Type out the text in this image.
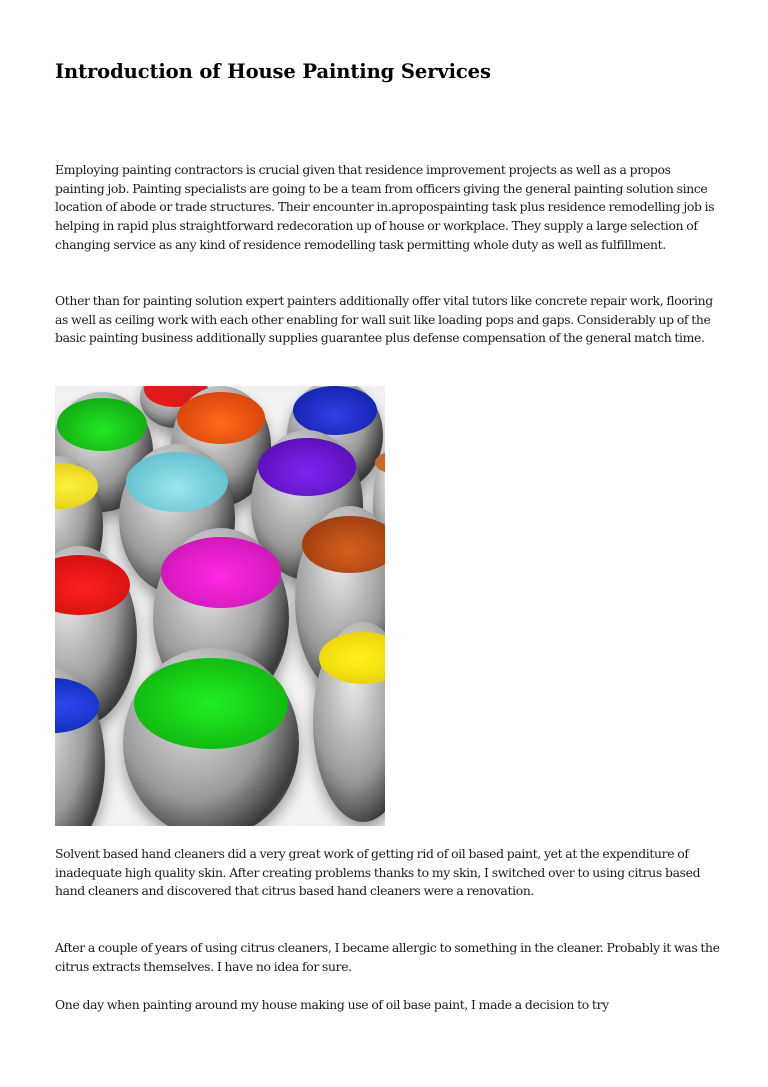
Introduction of House Painting Services

Employing painting contractors is crucial given that residence improvement projects as well as a propos painting job. Painting specialists are going to be a team from officers giving the general painting solution since location of abode or trade structures. Their encounter in.apropospainting task plus residence remodelling job is helping in rapid plus straightforward redecoration up of house or workplace. They supply a large selection of changing service as any kind of residence remodelling task permitting whole duty as well as fulfillment.

Other than for painting solution expert painters additionally offer vital tutors like concrete repair work, flooring as well as ceiling work with each other enabling for wall suit like loading pops and gaps. Considerably up of the basic painting business additionally supplies guarantee plus defense compensation of the general match time.

Solvent based hand cleaners did a very great work of getting rid of oil based paint, yet at the expenditure of inadequate high quality skin. After creating problems thanks to my skin, I switched over to using citrus based hand cleaners and discovered that citrus based hand cleaners were a renovation.

After a couple of years of using citrus cleaners, I became allergic to something in the cleaner. Probably it was the citrus extracts themselves. I have no idea for sure.

One day when painting around my house making use of oil base paint, I made a decision to try
